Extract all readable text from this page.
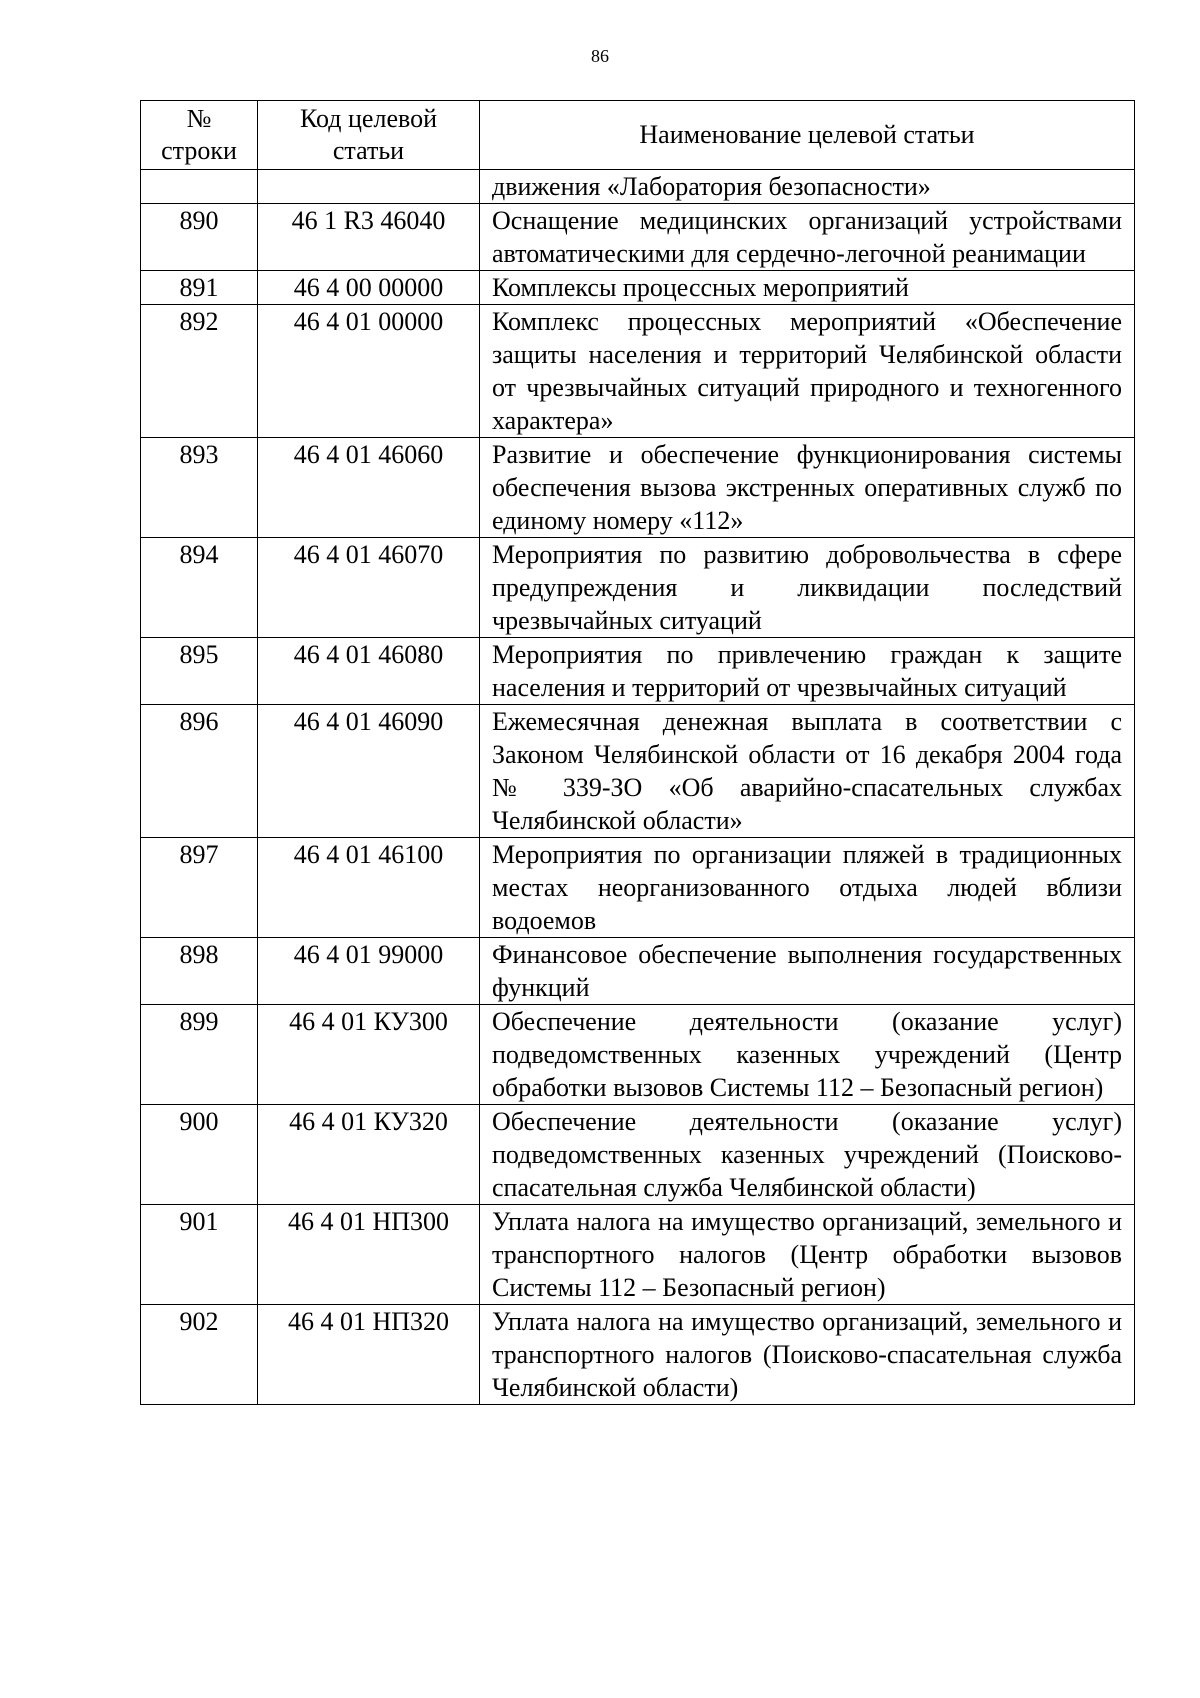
86
№ строки	Код целевой статьи	Наименование целевой статьи
		движения «Лаборатория безопасности»
890	46 1 R3 46040	Оснащение медицинских организаций устройствами автоматическими для сердечно-легочной реанимации
891	46 4 00 00000	Комплексы процессных мероприятий
892	46 4 01 00000	Комплекс процессных мероприятий «Обеспечение защиты населения и территорий Челябинской области от чрезвычайных ситуаций природного и техногенного характера»
893	46 4 01 46060	Развитие и обеспечение функционирования системы обеспечения вызова экстренных оперативных служб по единому номеру «112»
894	46 4 01 46070	Мероприятия по развитию добровольчества в сфере предупреждения и ликвидации последствий чрезвычайных ситуаций
895	46 4 01 46080	Мероприятия по привлечению граждан к защите населения и территорий от чрезвычайных ситуаций
896	46 4 01 46090	Ежемесячная денежная выплата в соответствии с Законом Челябинской области от 16 декабря 2004 года № 339-ЗО «Об аварийно-спасательных службах Челябинской области»
897	46 4 01 46100	Мероприятия по организации пляжей в традиционных местах неорганизованного отдыха людей вблизи водоемов
898	46 4 01 99000	Финансовое обеспечение выполнения государственных функций
899	46 4 01 КУ300	Обеспечение деятельности (оказание услуг) подведомственных казенных учреждений (Центр обработки вызовов Системы 112 – Безопасный регион)
900	46 4 01 КУ320	Обеспечение деятельности (оказание услуг) подведомственных казенных учреждений (Поисково-спасательная служба Челябинской области)
901	46 4 01 НП300	Уплата налога на имущество организаций, земельного и транспортного налогов (Центр обработки вызовов Системы 112 – Безопасный регион)
902	46 4 01 НП320	Уплата налога на имущество организаций, земельного и транспортного налогов (Поисково-спасательная служба Челябинской области)
